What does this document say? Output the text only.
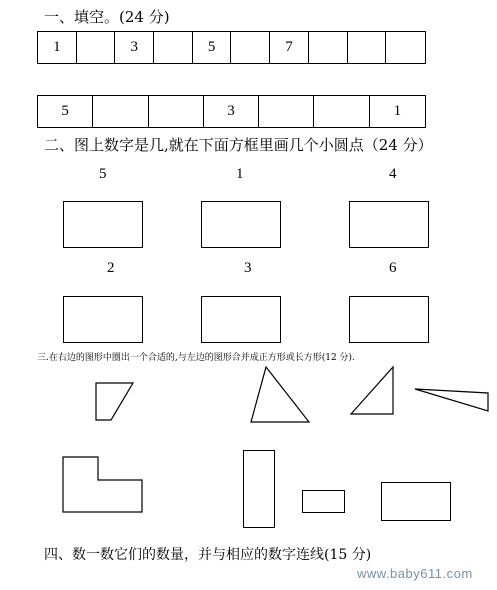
一、填空。(24 分)
1	3	5	7
5	3	1
二、图上数字是几,就在下面方框里画几个小圆点（24 分）
5	1	4
2	3	6
三.在右边的图形中圈出一个合适的,与左边的图形合并成正方形或长方形(12 分).
四、数一数它们的数量，并与相应的数字连线(15 分)
www.baby611.com
